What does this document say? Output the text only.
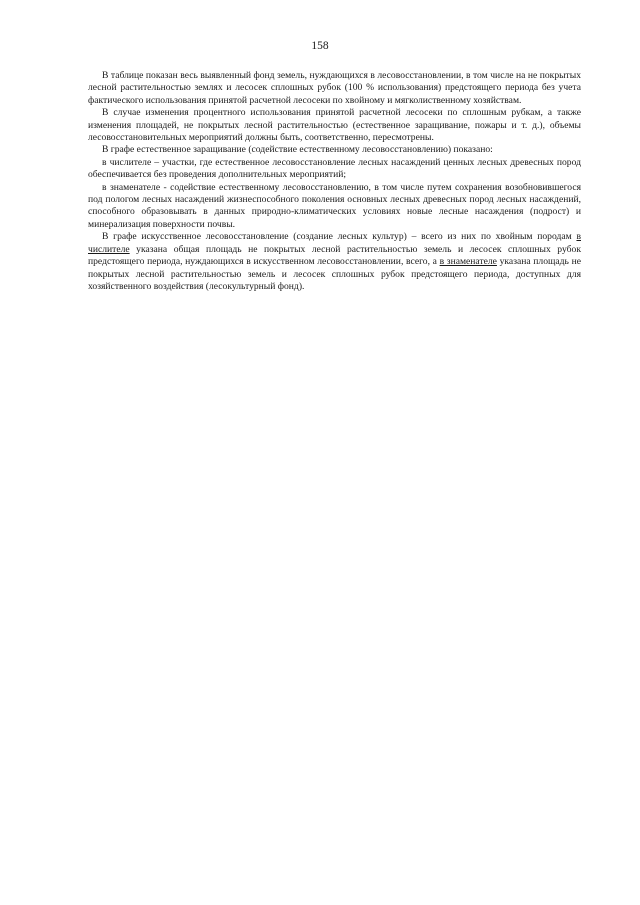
158

В таблице показан весь выявленный фонд земель, нуждающихся в лесовосстановлении, в том числе на не покрытых лесной растительностью землях и лесосек сплошных рубок (100 % использования) предстоящего периода без учета фактического использования принятой расчетной лесосеки по хвойному и мягколиственному хозяйствам.

В случае изменения процентного использования принятой расчетной лесосеки по сплошным рубкам, а также изменения площадей, не покрытых лесной растительностью (естественное заращивание, пожары и т. д.), объемы лесовосстановительных мероприятий должны быть, соответственно, пересмотрены.

В графе естественное заращивание (содействие естественному лесовосстановлению) показано:

в числителе – участки, где естественное лесовосстановление лесных насаждений ценных лесных древесных пород обеспечивается без проведения дополнительных мероприятий;

в знаменателе - содействие естественному лесовосстановлению, в том числе путем сохранения возобновившегося под пологом лесных насаждений жизнеспособного поколения основных лесных древесных пород лесных насаждений, способного образовывать в данных природно-климатических условиях новые лесные насаждения (подрост) и минерализация поверхности почвы.

В графе искусственное лесовосстановление (создание лесных культур) – всего из них по хвойным породам в числителе указана общая площадь не покрытых лесной растительностью земель и лесосек сплошных рубок предстоящего периода, нуждающихся в искусственном лесовосстановлении, всего, а в знаменателе указана площадь не покрытых лесной растительностью земель и лесосек сплошных рубок предстоящего периода, доступных для хозяйственного воздействия (лесокультурный фонд).
